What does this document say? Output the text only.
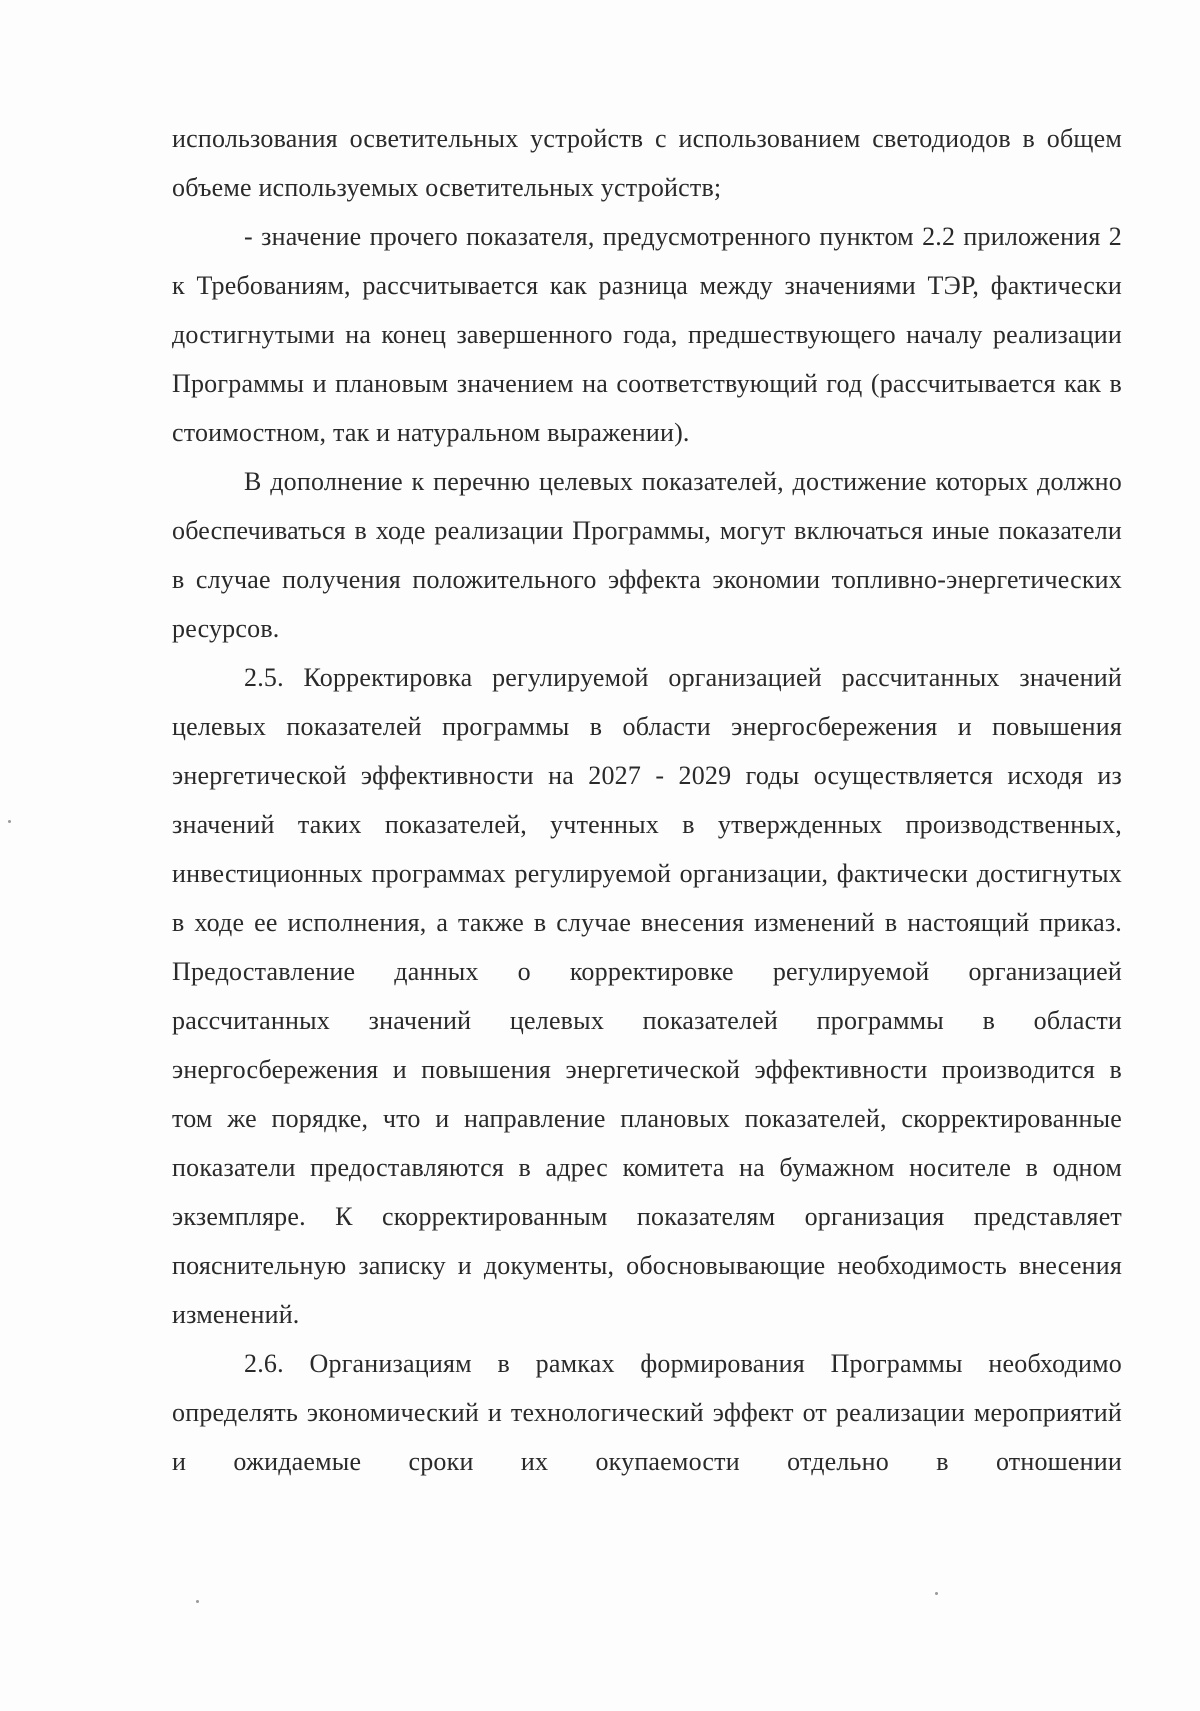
использования осветительных устройств с использованием светодиодов в общем объеме используемых осветительных устройств;

- значение прочего показателя, предусмотренного пунктом 2.2 приложения 2 к Требованиям, рассчитывается как разница между значениями ТЭР, фактически достигнутыми на конец завершенного года, предшествующего началу реализации Программы и плановым значением на соответствующий год (рассчитывается как в стоимостном, так и натуральном выражении).

В дополнение к перечню целевых показателей, достижение которых должно обеспечиваться в ходе реализации Программы, могут включаться иные показатели в случае получения положительного эффекта экономии топливно-энергетических ресурсов.

2.5. Корректировка регулируемой организацией рассчитанных значений целевых показателей программы в области энергосбережения и повышения энергетической эффективности на 2027 - 2029 годы осуществляется исходя из значений таких показателей, учтенных в утвержденных производственных, инвестиционных программах регулируемой организации, фактически достигнутых в ходе ее исполнения, а также в случае внесения изменений в настоящий приказ. Предоставление данных о корректировке регулируемой организацией рассчитанных значений целевых показателей программы в области энергосбережения и повышения энергетической эффективности производится в том же порядке, что и направление плановых показателей, скорректированные показатели предоставляются в адрес комитета на бумажном носителе в одном экземпляре. К скорректированным показателям организация представляет пояснительную записку и документы, обосновывающие необходимость внесения изменений.

2.6. Организациям в рамках формирования Программы необходимо определять экономический и технологический эффект от реализации мероприятий и ожидаемые сроки их окупаемости отдельно в отношении
